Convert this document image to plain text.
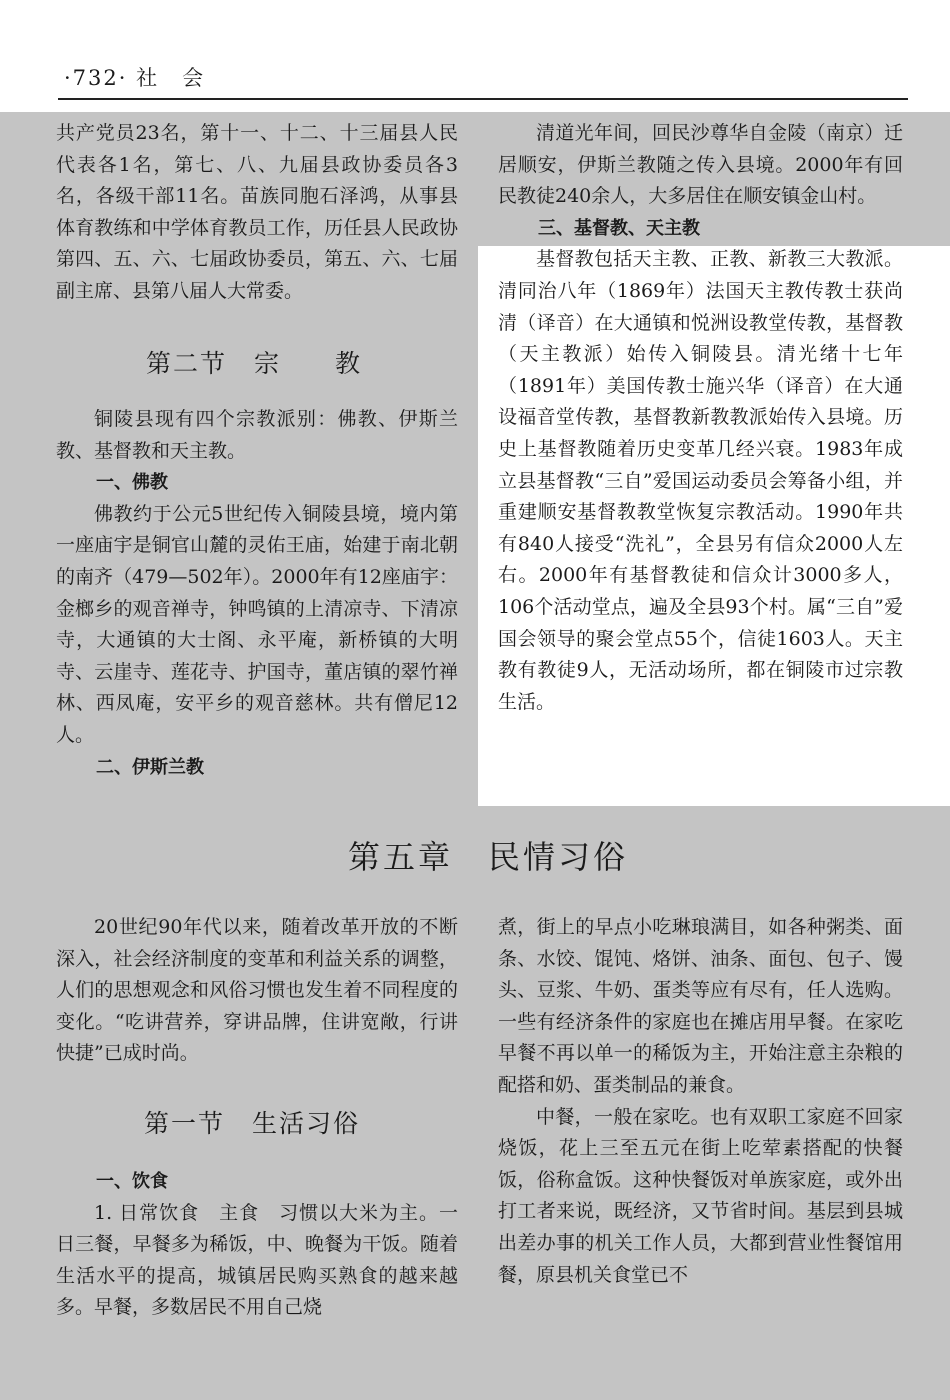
·732· 社　会

共产党员23名，第十一、十二、十三届县人民代表各1名，第七、八、九届县政协委员各3名，各级干部11名。苗族同胞石泽鸿，从事县体育教练和中学体育教员工作，历任县人民政协第四、五、六、七届政协委员，第五、六、七届副主席、县第八届人大常委。

第二节　宗　　教

铜陵县现有四个宗教派别：佛教、伊斯兰教、基督教和天主教。

一、佛教

佛教约于公元5世纪传入铜陵县境，境内第一座庙宇是铜官山麓的灵佑王庙，始建于南北朝的南齐（479—502年）。2000年有12座庙宇：金榔乡的观音禅寺，钟鸣镇的上清凉寺、下清凉寺，大通镇的大士阁、永平庵，新桥镇的大明寺、云崖寺、莲花寺、护国寺，董店镇的翠竹禅林、西凤庵，安平乡的观音慈林。共有僧尼12人。

二、伊斯兰教

清道光年间，回民沙尊华自金陵（南京）迁居顺安，伊斯兰教随之传入县境。2000年有回民教徒240余人，大多居住在顺安镇金山村。

三、基督教、天主教

基督教包括天主教、正教、新教三大教派。清同治八年（1869年）法国天主教传教士获尚清（译音）在大通镇和悦洲设教堂传教，基督教（天主教派）始传入铜陵县。清光绪十七年（1891年）美国传教士施兴华（译音）在大通设福音堂传教，基督教新教教派始传入县境。历史上基督教随着历史变革几经兴衰。1983年成立县基督教“三自”爱国运动委员会筹备小组，并重建顺安基督教教堂恢复宗教活动。1990年共有840人接受“洗礼”，全县另有信众2000人左右。2000年有基督教徒和信众计3000多人，106个活动堂点，遍及全县93个村。属“三自”爱国会领导的聚会堂点55个，信徒1603人。天主教有教徒9人，无活动场所，都在铜陵市过宗教生活。

第五章　民情习俗

20世纪90年代以来，随着改革开放的不断深入，社会经济制度的变革和利益关系的调整，人们的思想观念和风俗习惯也发生着不同程度的变化。“吃讲营养，穿讲品牌，住讲宽敞，行讲快捷”已成时尚。

第一节　生活习俗

一、饮食

1. 日常饮食　主食　习惯以大米为主。一日三餐，早餐多为稀饭，中、晚餐为干饭。随着生活水平的提高，城镇居民购买熟食的越来越多。早餐，多数居民不用自己烧

煮，街上的早点小吃琳琅满目，如各种粥类、面条、水饺、馄饨、烙饼、油条、面包、包子、馒头、豆浆、牛奶、蛋类等应有尽有，任人选购。一些有经济条件的家庭也在摊店用早餐。在家吃早餐不再以单一的稀饭为主，开始注意主杂粮的配搭和奶、蛋类制品的兼食。

中餐，一般在家吃。也有双职工家庭不回家烧饭，花上三至五元在街上吃荤素搭配的快餐饭，俗称盒饭。这种快餐饭对单族家庭，或外出打工者来说，既经济，又节省时间。基层到县城出差办事的机关工作人员，大都到营业性餐馆用餐，原县机关食堂已不
